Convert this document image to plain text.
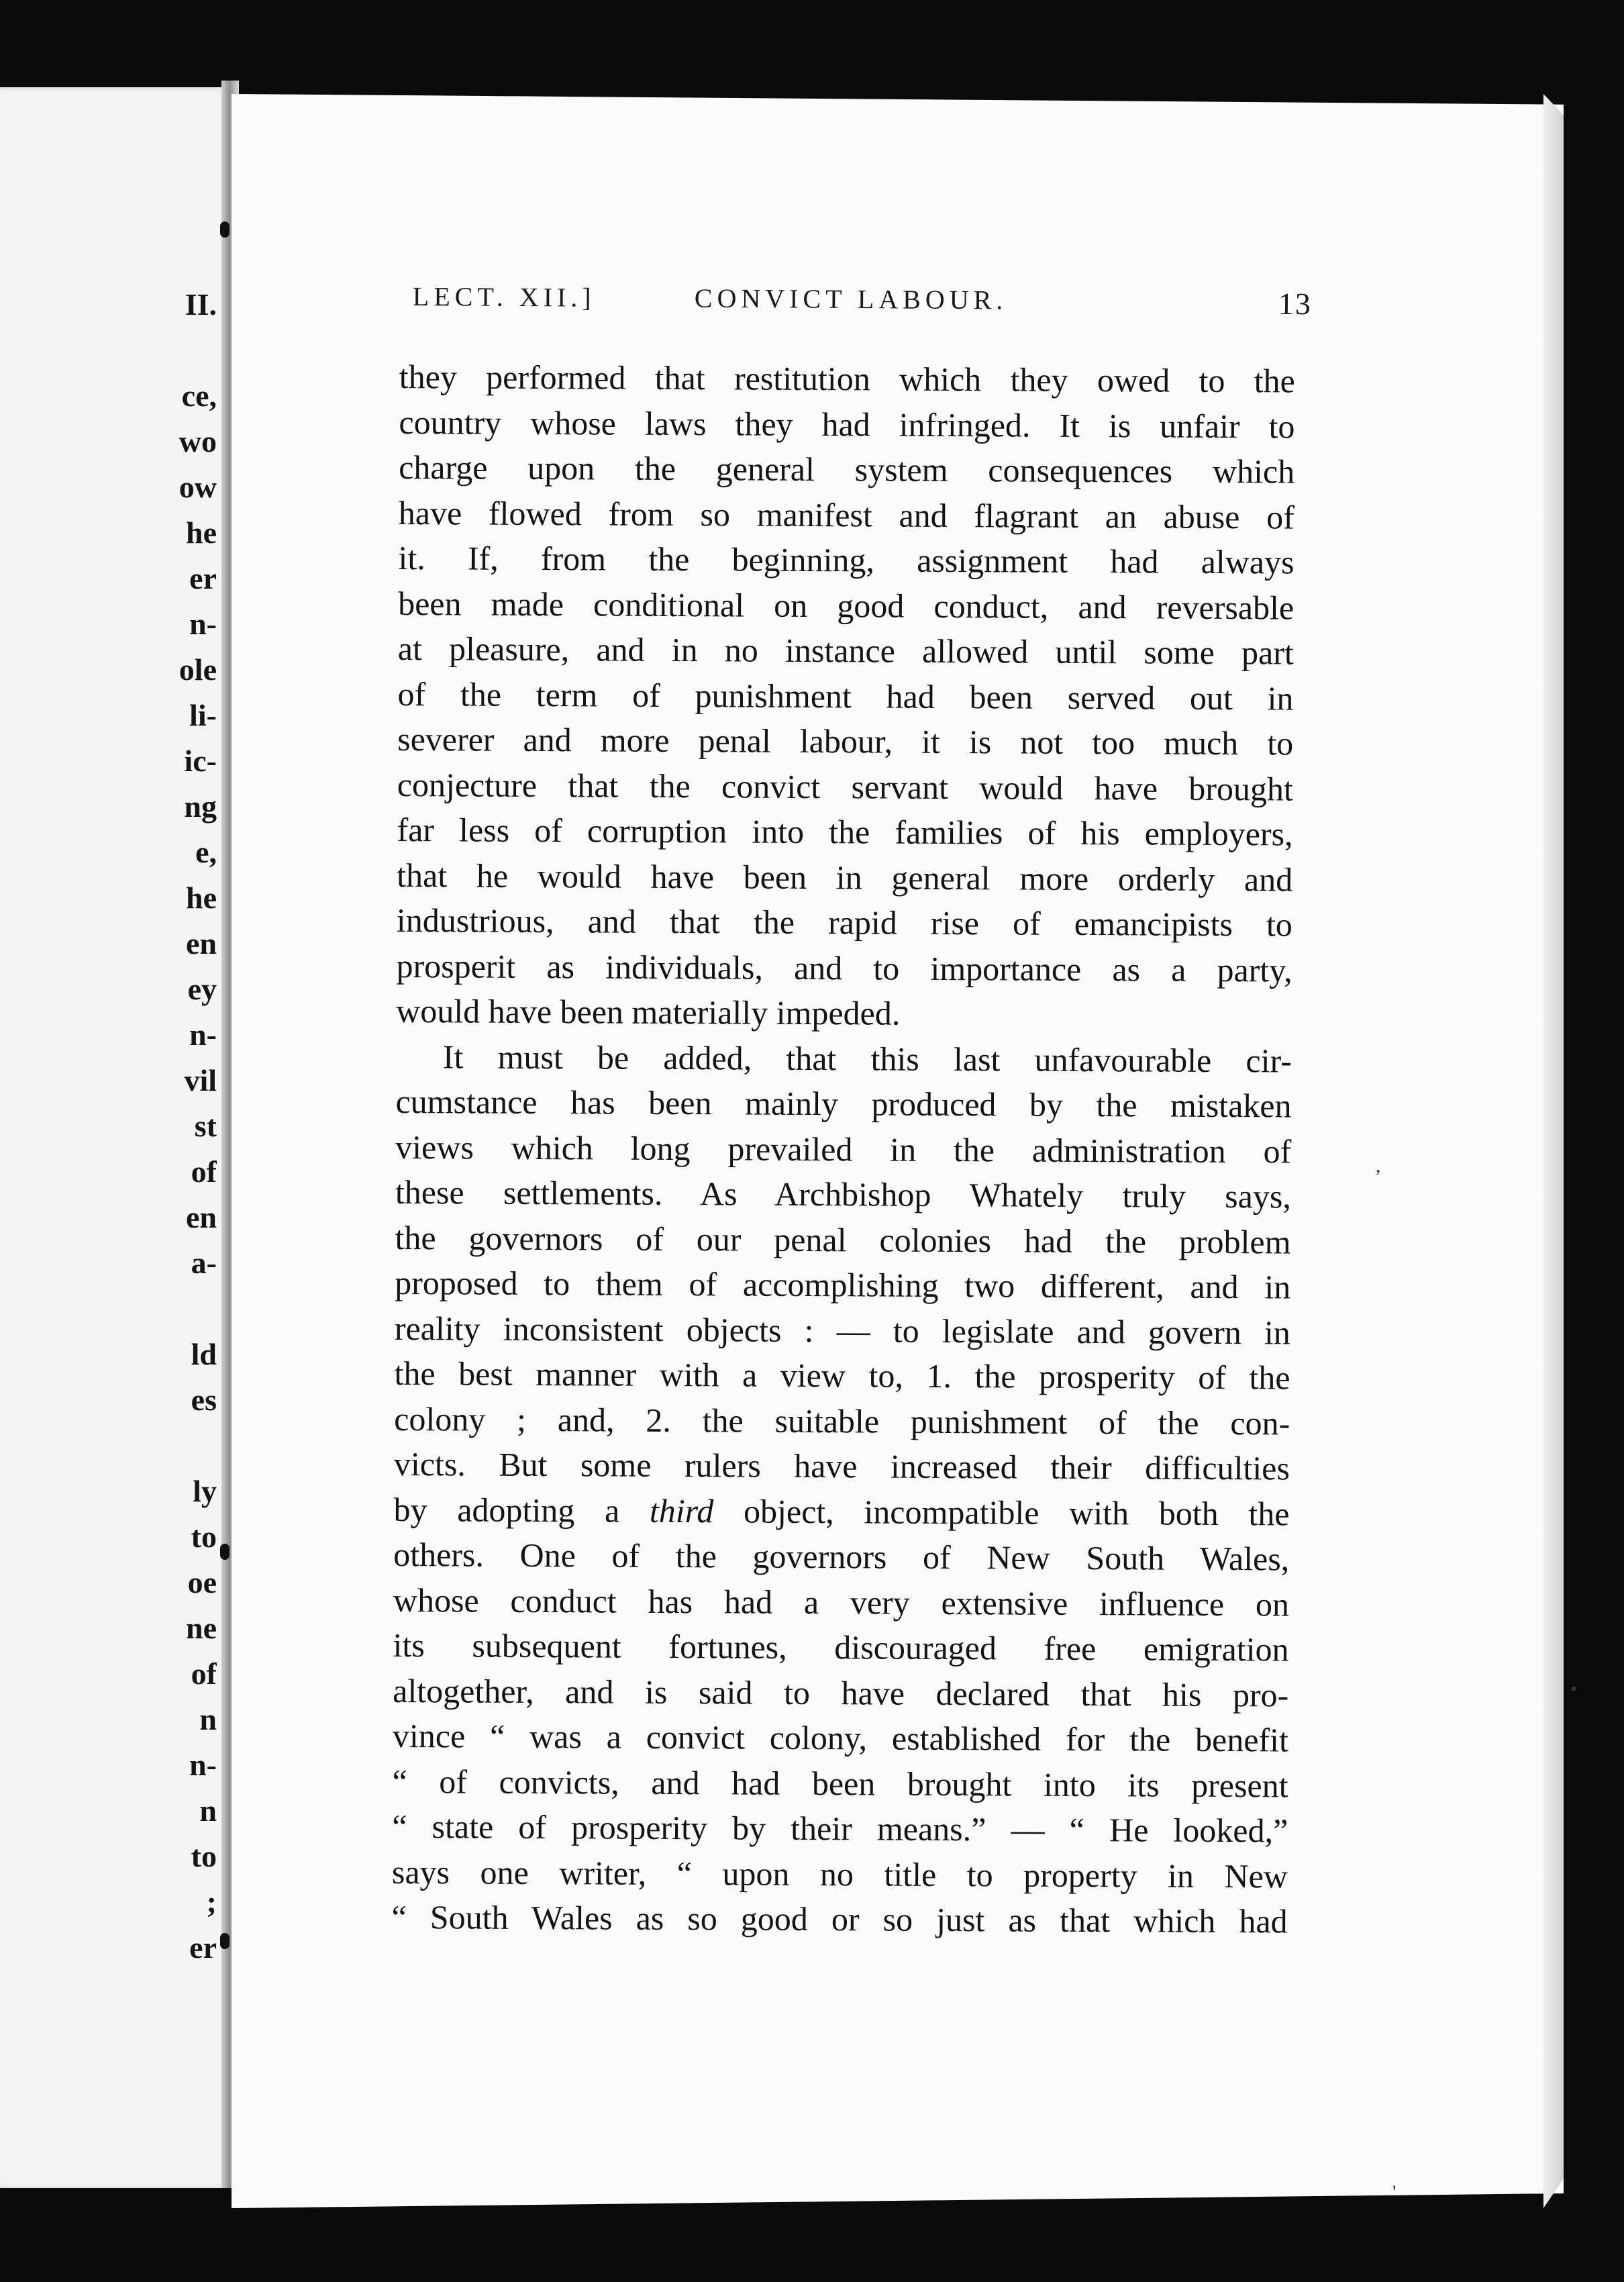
II.
ce,
wo
ow
he
er
n-
ole
li-
ic-
ng
e,
he
en
ey
n-
vil
st
of
en
a-
ld
es
ly
to
oe
ne
of
n
n-
n
to
;
er
LECT. XII.]	CONVICT LABOUR.	13
they performed that restitution which they owed to the
country whose laws they had infringed. It is unfair to
charge upon the general system consequences which
have flowed from so manifest and flagrant an abuse of
it. If, from the beginning, assignment had always
been made conditional on good conduct, and reversable
at pleasure, and in no instance allowed until some part
of the term of punishment had been served out in
severer and more penal labour, it is not too much to
conjecture that the convict servant would have brought
far less of corruption into the families of his employers,
that he would have been in general more orderly and
industrious, and that the rapid rise of emancipists to
prosperit as individuals, and to importance as a party,
would have been materially impeded.
It must be added, that this last unfavourable cir-
cumstance has been mainly produced by the mistaken
views which long prevailed in the administration of
these settlements. As Archbishop Whately truly says,
the governors of our penal colonies had the problem
proposed to them of accomplishing two different, and in
reality inconsistent objects : — to legislate and govern in
the best manner with a view to, 1. the prosperity of the
colony ; and, 2. the suitable punishment of the con-
victs. But some rulers have increased their difficulties
by adopting a third object, incompatible with both the
others. One of the governors of New South Wales,
whose conduct has had a very extensive influence on
its subsequent fortunes, discouraged free emigration
altogether, and is said to have declared that his pro-
vince “ was a convict colony, established for the benefit
“ of convicts, and had been brought into its present
“ state of prosperity by their means.” — “ He looked,”
says one writer, “ upon no title to property in New
“ South Wales as so good or so just as that which had
,
•
'
